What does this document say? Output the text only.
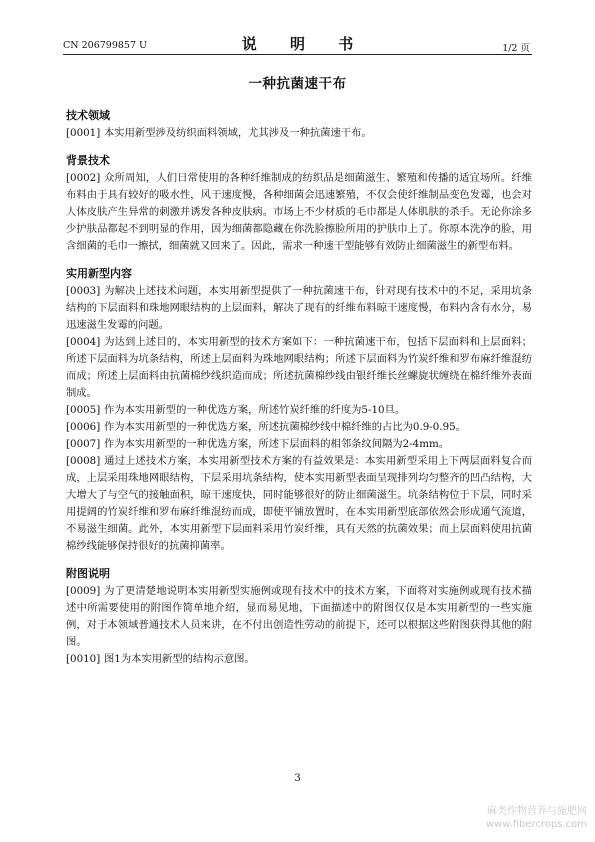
CN 206799857 U	说 明 书	1/2 页
一种抗菌速干布
技术领域

[0001] 本实用新型涉及纺织面料领域，尤其涉及一种抗菌速干布。

背景技术

[0002] 众所周知，人们日常使用的各种纤维制成的纺织品是细菌滋生、繁殖和传播的适宜场所。纤维布料由于具有较好的吸水性，风干速度慢，各种细菌会迅速繁殖，不仅会使纤维制品变色发霉，也会对人体皮肤产生异常的刺激并诱发各种皮肤病。市场上不少材质的毛巾都是人体肌肤的杀手。无论你涂多少护肤品都起不到明显的作用，因为细菌都隐藏在你洗脸擦脸所用的护肤巾上了。你原本洗净的脸，用含细菌的毛巾一擦拭，细菌就又回来了。因此，需求一种速干型能够有效防止细菌滋生的新型布料。

实用新型内容

[0003] 为解决上述技术问题，本实用新型提供了一种抗菌速干布，针对现有技术中的不足，采用坑条结构的下层面料和珠地网眼结构的上层面料，解决了现有的纤维布料晾干速度慢，布料内含有水分，易迅速滋生发霉的问题。

[0004] 为达到上述目的，本实用新型的技术方案如下：一种抗菌速干布，包括下层面料和上层面料；所述下层面料为坑条结构，所述上层面料为珠地网眼结构；所述下层面料为竹炭纤维和罗布麻纤维混纺而成；所述上层面料由抗菌棉纱线织造而成；所述抗菌棉纱线由银纤维长丝螺旋状缠绕在棉纤维外表面制成。

[0005] 作为本实用新型的一种优选方案，所述竹炭纤维的纤度为5-10旦。

[0006] 作为本实用新型的一种优选方案，所述抗菌棉纱线中棉纤维的占比为0.9-0.95。

[0007] 作为本实用新型的一种优选方案，所述下层面料的相邻条纹间隔为2-4mm。

[0008] 通过上述技术方案，本实用新型技术方案的有益效果是：本实用新型采用上下两层面料复合而成，上层采用珠地网眼结构，下层采用坑条结构，使本实用新型表面呈现排列均匀整齐的凹凸结构，大大增大了与空气的接触面积，晾干速度快，同时能够很好的防止细菌滋生。坑条结构位于下层，同时采用提阔的竹炭纤维和罗布麻纤维混纺而成，即使平铺放置时，在本实用新型底部依然会形成通气流道，不易滋生细菌。此外，本实用新型下层面料采用竹炭纤维，具有天然的抗菌效果；而上层面料使用抗菌棉纱线能够保持很好的抗菌抑菌率。

附图说明

[0009] 为了更清楚地说明本实用新型实施例或现有技术中的技术方案，下面将对实施例或现有技术描述中所需要使用的附图作简单地介绍，显而易见地，下面描述中的附图仅仅是本实用新型的一些实施例，对于本领域普通技术人员来讲，在不付出创造性劳动的前提下，还可以根据这些附图获得其他的附图。

[0010] 图1为本实用新型的结构示意图。

3
麻类作物营养与施肥网
www.fibercrops.com
